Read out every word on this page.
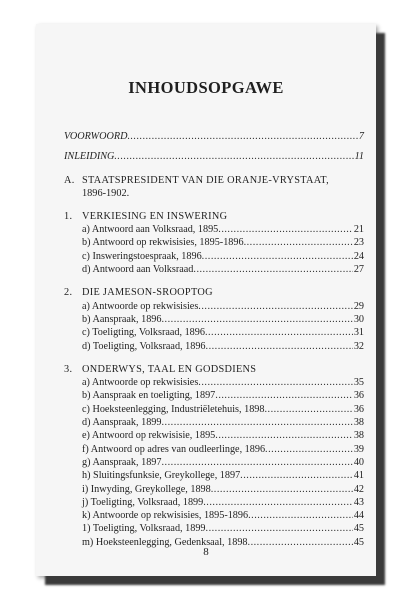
INHOUDSOPGAWE
VOORWOORD .....	7
INLEIDING .....	11
A. STAATSPRESIDENT VAN DIE ORANJE-VRYSTAAT,
1896-1902.
1. VERKIESING EN INSWERING
a) Antwoord aan Volksraad, 1895 .....	21
b) Antwoord op rekwisisies, 1895-1896 .....	23
c) Insweringstoespraak, 1896 .....	24
d) Antwoord aan Volksraad .....	27
2. DIE JAMESON-SROOPTOG
a) Antwoorde op rekwisisies .....	29
b) Aanspraak, 1896 .....	30
c) Toeligting, Volksraad, 1896 .....	31
d) Toeligting, Volksraad, 1896 .....	32
3. ONDERWYS, TAAL EN GODSDIENS
a) Antwoorde op rekwisisies .....	35
b) Aanspraak en toeligting, 1897 .....	36
c) Hoeksteenlegging, Industriëletehuis, 1898 .....	36
d) Aanspraak, 1899 .....	38
e) Antwoord op rekwisisie, 1895 .....	38
f) Antwoord op adres van oudleerlinge, 1896 .....	39
g) Aanspraak, 1897 .....	40
h) Sluitingsfunksie, Greykollege, 1897 .....	41
i) Inwyding, Greykollege, 1898 .....	42
j) Toeligting, Volksraad, 1899 .....	43
k) Antwoorde op rekwisisies, 1895-1896 .....	44
1) Toeligting, Volksraad, 1899 .....	45
m) Hoeksteenlegging, Gedenksaal, 1898 .....	45
8
